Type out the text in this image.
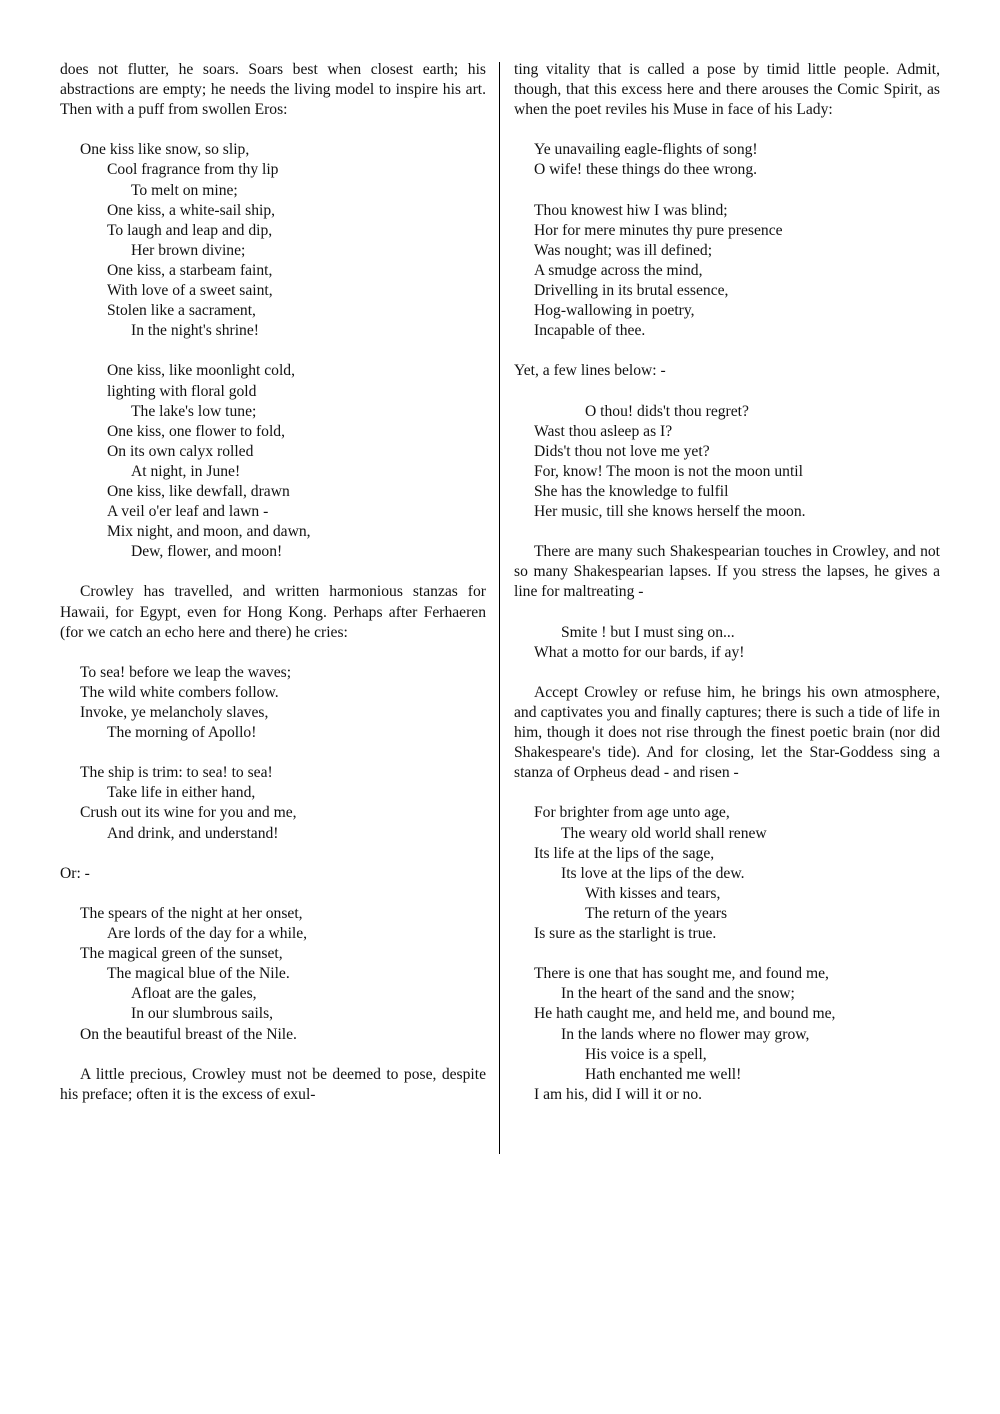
does not flutter, he soars. Soars best when closest earth; his abstractions are empty; he needs the living model to inspire his art. Then with a puff from swollen Eros:

One kiss like snow, so slip,
Cool fragrance from thy lip
To melt on mine;
One kiss, a white-sail ship,
To laugh and leap and dip,
Her brown divine;
One kiss, a starbeam faint,
With love of a sweet saint,
Stolen like a sacrament,
In the night's shrine!
One kiss, like moonlight cold,
lighting with floral gold
The lake's low tune;
One kiss, one flower to fold,
On its own calyx rolled
At night, in June!
One kiss, like dewfall, drawn
A veil o'er leaf and lawn -
Mix night, and moon, and dawn,
Dew, flower, and moon!

Crowley has travelled, and written harmonious stanzas for Hawaii, for Egypt, even for Hong Kong. Perhaps after Ferhaeren (for we catch an echo here and there) he cries:

To sea! before we leap the waves;
The wild white combers follow.
Invoke, ye melancholy slaves,
The morning of Apollo!
The ship is trim: to sea! to sea!
Take life in either hand,
Crush out its wine for you and me,
And drink, and understand!

Or: -

The spears of the night at her onset,
Are lords of the day for a while,
The magical green of the sunset,
The magical blue of the Nile.
Afloat are the gales,
In our slumbrous sails,
On the beautiful breast of the Nile.

A little precious, Crowley must not be deemed to pose, despite his preface; often it is the excess of exul-

ting vitality that is called a pose by timid little people. Admit, though, that this excess here and there arouses the Comic Spirit, as when the poet reviles his Muse in face of his Lady:

Ye unavailing eagle-flights of song!
O wife! these things do thee wrong.
Thou knowest hiw I was blind;
Hor for mere minutes thy pure presence
Was nought; was ill defined;
A smudge across the mind,
Drivelling in its brutal essence,
Hog-wallowing in poetry,
Incapable of thee.

Yet, a few lines below: -

O thou! dids't thou regret?
Wast thou asleep as I?
Dids't thou not love me yet?
For, know! The moon is not the moon until
She has the knowledge to fulfil
Her music, till she knows herself the moon.

There are many such Shakespearian touches in Crowley, and not so many Shakespearian lapses. If you stress the lapses, he gives a line for maltreating -

Smite ! but I must sing on...
What a motto for our bards, if ay!

Accept Crowley or refuse him, he brings his own atmosphere, and captivates you and finally captures; there is such a tide of life in him, though it does not rise through the finest poetic brain (nor did Shakespeare's tide). And for closing, let the Star-Goddess sing a stanza of Orpheus dead - and risen -

For brighter from age unto age,
The weary old world shall renew
Its life at the lips of the sage,
Its love at the lips of the dew.
With kisses and tears,
The return of the years
Is sure as the starlight is true.
There is one that has sought me, and found me,
In the heart of the sand and the snow;
He hath caught me, and held me, and bound me,
In the lands where no flower may grow,
His voice is a spell,
Hath enchanted me well!
I am his, did I will it or no.
